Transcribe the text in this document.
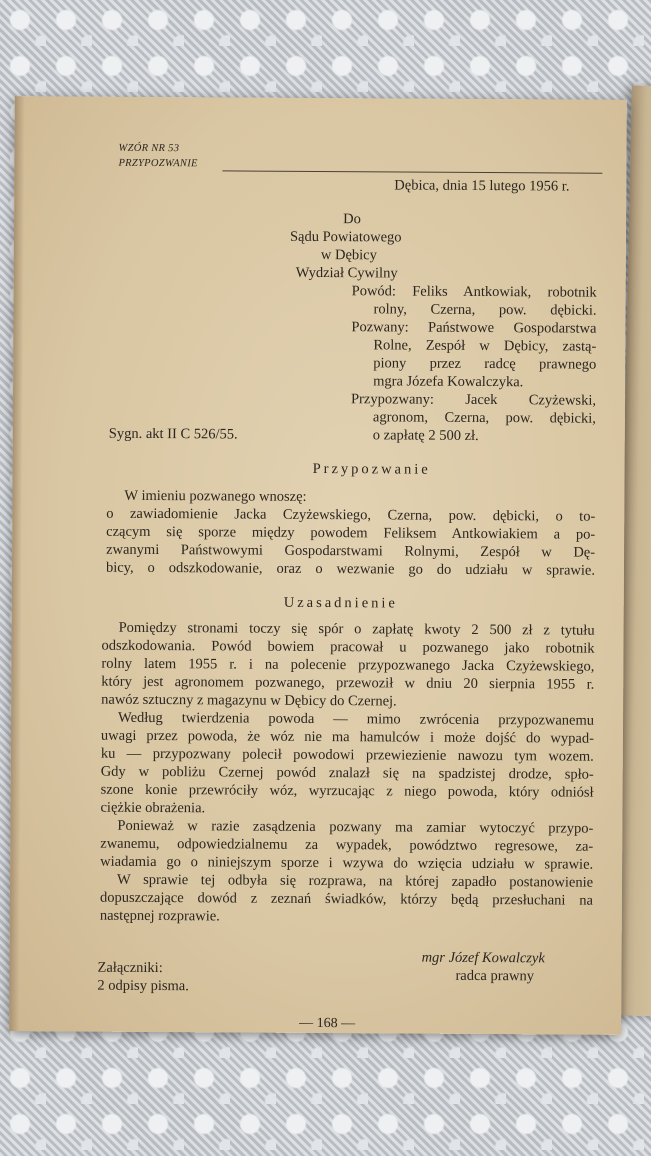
WZÓR NR 53
PRZYPOZWANIE
Dębica, dnia 15 lutego 1956 r.
Do
Sądu Powiatowego
w Dębicy
Wydział Cywilny
Powód: Feliks Antkowiak, robotnik
rolny, Czerna, pow. dębicki.
Pozwany: Państwowe Gospodarstwa
Rolne, Zespół w Dębicy, zastą-
piony przez radcę prawnego
mgra Józefa Kowalczyka.
Przypozwany: Jacek Czyżewski,
agronom, Czerna, pow. dębicki,
o zapłatę 2 500 zł.
Sygn. akt II C 526/55.
Przypozwanie
W imieniu pozwanego wnoszę:
o zawiadomienie Jacka Czyżewskiego, Czerna, pow. dębicki, o to-
czącym się sporze między powodem Feliksem Antkowiakiem a po-
zwanymi Państwowymi Gospodarstwami Rolnymi, Zespół w Dę-
bicy, o odszkodowanie, oraz o wezwanie go do udziału w sprawie.
Uzasadnienie
Pomiędzy stronami toczy się spór o zapłatę kwoty 2 500 zł z tytułu
odszkodowania. Powód bowiem pracował u pozwanego jako robotnik
rolny latem 1955 r. i na polecenie przypozwanego Jacka Czyżewskiego,
który jest agronomem pozwanego, przewoził w dniu 20 sierpnia 1955 r.
nawóz sztuczny z magazynu w Dębicy do Czernej.
Według twierdzenia powoda — mimo zwrócenia przypozwanemu
uwagi przez powoda, że wóz nie ma hamulców i może dojść do wypad-
ku — przypozwany polecił powodowi przewiezienie nawozu tym wozem.
Gdy w pobliżu Czernej powód znalazł się na spadzistej drodze, spło-
szone konie przewróciły wóz, wyrzucając z niego powoda, który odniósł
ciężkie obrażenia.
Ponieważ w razie zasądzenia pozwany ma zamiar wytoczyć przypo-
zwanemu, odpowiedzialnemu za wypadek, powództwo regresowe, za-
wiadamia go o niniejszym sporze i wzywa do wzięcia udziału w sprawie.
W sprawie tej odbyła się rozprawa, na której zapadło postanowienie
dopuszczające dowód z zeznań świadków, którzy będą przesłuchani na
następnej rozprawie.
mgr Józef Kowalczyk
radca prawny
Załączniki:
2 odpisy pisma.
— 168 —
